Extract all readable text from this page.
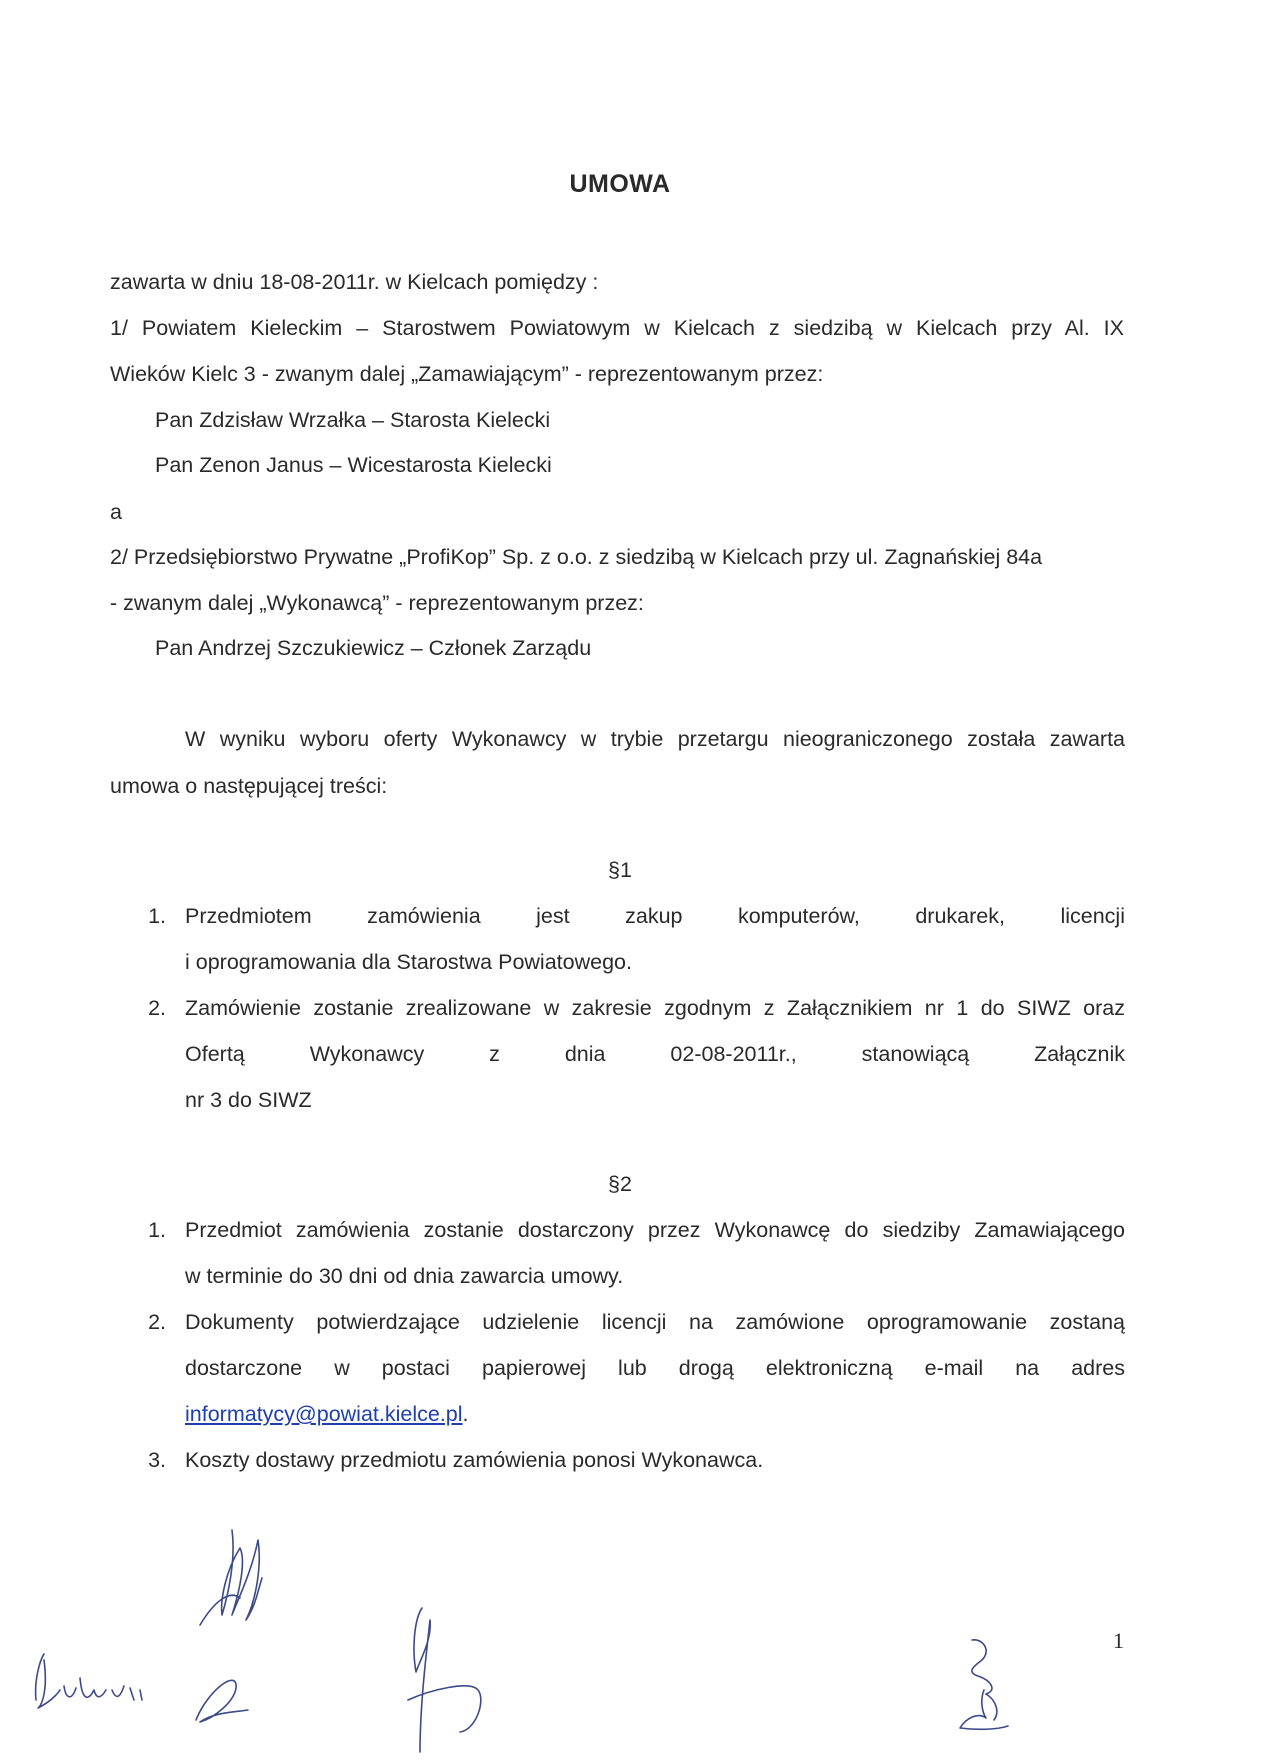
UMOWA
zawarta w dniu 18-08-2011r. w Kielcach pomiędzy :
1/ Powiatem Kieleckim – Starostwem Powiatowym w Kielcach z siedzibą w Kielcach przy Al. IX
Wieków Kielc 3 - zwanym dalej „Zamawiającym” - reprezentowanym przez:
Pan Zdzisław Wrzałka – Starosta Kielecki
Pan Zenon Janus – Wicestarosta Kielecki
a
2/ Przedsiębiorstwo Prywatne „ProfiKop” Sp. z o.o. z siedzibą w Kielcach przy ul. Zagnańskiej 84a
- zwanym dalej „Wykonawcą” - reprezentowanym przez:
Pan Andrzej Szczukiewicz – Członek Zarządu
W wyniku wyboru oferty Wykonawcy w trybie przetargu nieograniczonego została zawarta
umowa o następującej treści:
§1
1. Przedmiotem zamówienia jest zakup komputerów, drukarek, licencji
i oprogramowania dla Starostwa Powiatowego.
2. Zamówienie zostanie zrealizowane w zakresie zgodnym z Załącznikiem nr 1 do SIWZ oraz
Ofertą Wykonawcy z dnia 02-08-2011r., stanowiącą Załącznik
nr 3 do SIWZ
§2
1. Przedmiot zamówienia zostanie dostarczony przez Wykonawcę do siedziby Zamawiającego
w terminie do 30 dni od dnia zawarcia umowy.
2. Dokumenty potwierdzające udzielenie licencji na zamówione oprogramowanie zostaną
dostarczone w postaci papierowej lub drogą elektroniczną e-mail na adres
informatycy@powiat.kielce.pl.
3. Koszty dostawy przedmiotu zamówienia ponosi Wykonawca.
1
